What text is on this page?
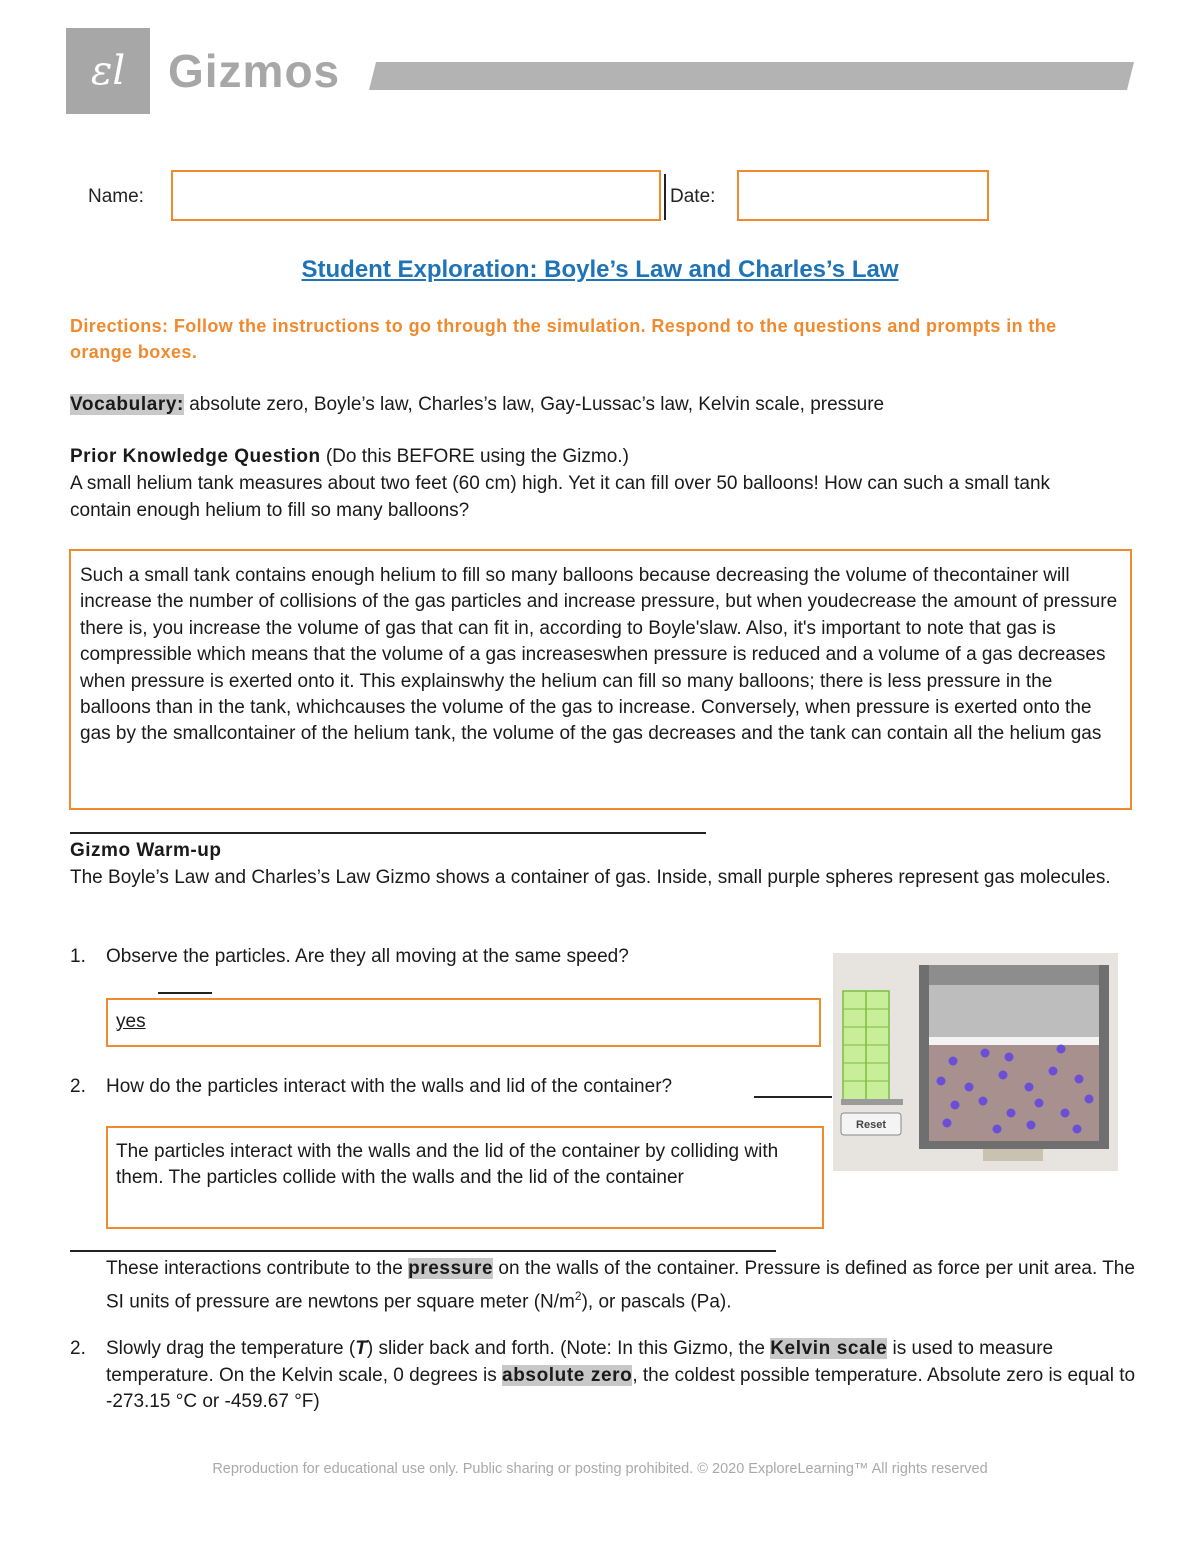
ɛl Gizmos
Name:	Date:
Student Exploration: Boyle’s Law and Charles’s Law
Directions: Follow the instructions to go through the simulation. Respond to the questions and prompts in the orange boxes.
Vocabulary: absolute zero, Boyle’s law, Charles’s law, Gay-Lussac’s law, Kelvin scale, pressure
Prior Knowledge Question (Do this BEFORE using the Gizmo.)
A small helium tank measures about two feet (60 cm) high. Yet it can fill over 50 balloons! How can such a small tank contain enough helium to fill so many balloons?
Such a small tank contains enough helium to fill so many balloons because decreasing the volume of thecontainer will increase the number of collisions of the gas particles and increase pressure, but when youdecrease the amount of pressure there is, you increase the volume of gas that can fit in, according to Boyle'slaw. Also, it's important to note that gas is compressible which means that the volume of a gas increaseswhen pressure is reduced and a volume of a gas decreases when pressure is exerted onto it. This explainswhy the helium can fill so many balloons; there is less pressure in the balloons than in the tank, whichcauses the volume of the gas to increase. Conversely, when pressure is exerted onto the gas by the smallcontainer of the helium tank, the volume of the gas decreases and the tank can contain all the helium gas
Gizmo Warm-up
The Boyle’s Law and Charles’s Law Gizmo shows a container of gas. Inside, small purple spheres represent gas molecules.
1. Observe the particles. Are they all moving at the same speed?
yes
2. How do the particles interact with the walls and lid of the container?
The particles interact with the walls and the lid of the container by colliding with them. The particles collide with the walls and the lid of the container
Reset
These interactions contribute to the pressure on the walls of the container. Pressure is defined as force per unit area. The SI units of pressure are newtons per square meter $(N/m^2)$, or pascals (Pa).
2. Slowly drag the temperature (T) slider back and forth. (Note: In this Gizmo, the Kelvin scale is used to measure temperature. On the Kelvin scale, 0 degrees is absolute zero, the coldest possible temperature. Absolute zero is equal to -273.15 °C or -459.67 °F)
Reproduction for educational use only. Public sharing or posting prohibited. © 2020 ExploreLearning™ All rights reserved
